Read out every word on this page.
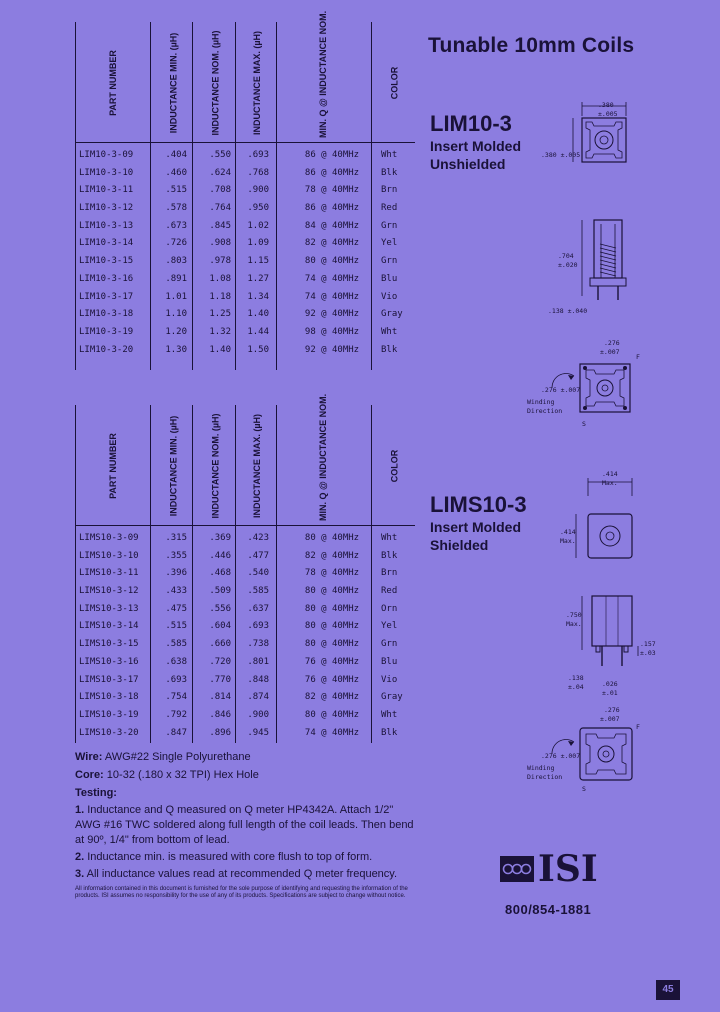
PART NUMBER	INDUCTANCE MIN. (µH)	INDUCTANCE NOM. (µH)	INDUCTANCE MAX. (µH)	MIN. Q @ INDUCTANCE NOM.	COLOR
LIM10-3-09	.404	.550	.693	86 @ 40MHz	Wht
LIM10-3-10	.460	.624	.768	86 @ 40MHz	Blk
LIM10-3-11	.515	.708	.900	78 @ 40MHz	Brn
LIM10-3-12	.578	.764	.950	86 @ 40MHz	Red
LIM10-3-13	.673	.845	1.02	84 @ 40MHz	Grn
LIM10-3-14	.726	.908	1.09	82 @ 40MHz	Yel
LIM10-3-15	.803	.978	1.15	80 @ 40MHz	Grn
LIM10-3-16	.891	1.08	1.27	74 @ 40MHz	Blu
LIM10-3-17	1.01	1.18	1.34	74 @ 40MHz	Vio
LIM10-3-18	1.10	1.25	1.40	92 @ 40MHz	Gray
LIM10-3-19	1.20	1.32	1.44	98 @ 40MHz	Wht
LIM10-3-20	1.30	1.40	1.50	92 @ 40MHz	Blk
PART NUMBER	INDUCTANCE MIN. (µH)	INDUCTANCE NOM. (µH)	INDUCTANCE MAX. (µH)	MIN. Q @ INDUCTANCE NOM.	COLOR
LIMS10-3-09	.315	.369	.423	80 @ 40MHz	Wht
LIMS10-3-10	.355	.446	.477	82 @ 40MHz	Blk
LIMS10-3-11	.396	.468	.540	78 @ 40MHz	Brn
LIMS10-3-12	.433	.509	.585	80 @ 40MHz	Red
LIMS10-3-13	.475	.556	.637	80 @ 40MHz	Orn
LIMS10-3-14	.515	.604	.693	80 @ 40MHz	Yel
LIMS10-3-15	.585	.660	.738	80 @ 40MHz	Grn
LIMS10-3-16	.638	.720	.801	76 @ 40MHz	Blu
LIMS10-3-17	.693	.770	.848	76 @ 40MHz	Vio
LIMS10-3-18	.754	.814	.874	82 @ 40MHz	Gray
LIMS10-3-19	.792	.846	.900	80 @ 40MHz	Wht
LIMS10-3-20	.847	.896	.945	74 @ 40MHz	Blk
Tunable 10mm Coils
LIM10-3
Insert Molded
Unshielded
LIMS10-3
Insert Molded
Shielded
.380
±.005
.380 ±.005
.704
±.020
.138 ±.040
.276
±.007
.276 ±.007
Winding
Direction
F
S
.414
Max.
.414
Max.
.750
Max.
.157
±.03
.138
±.04	.026
±.01
.276
±.007
.276 ±.007
Winding
Direction
F
S
Wire: AWG#22 Single Polyurethane
Core: 10-32 (.180 x 32 TPI) Hex Hole
Testing:
1. Inductance and Q measured on Q meter HP4342A. Attach 1/2" AWG #16 TWC soldered along full length of the coil leads. Then bend at 90º, 1/4" from bottom of lead.
2. Inductance min. is measured with core flush to top of form.
3. All inductance values read at recommended Q meter frequency.
All information contained in this document is furnished for the sole purpose of identifying and requesting the information of the products. ISI assumes no responsibility for the use of any of its products. Specifications are subject to change without notice.
ISI
800/854-1881
45
